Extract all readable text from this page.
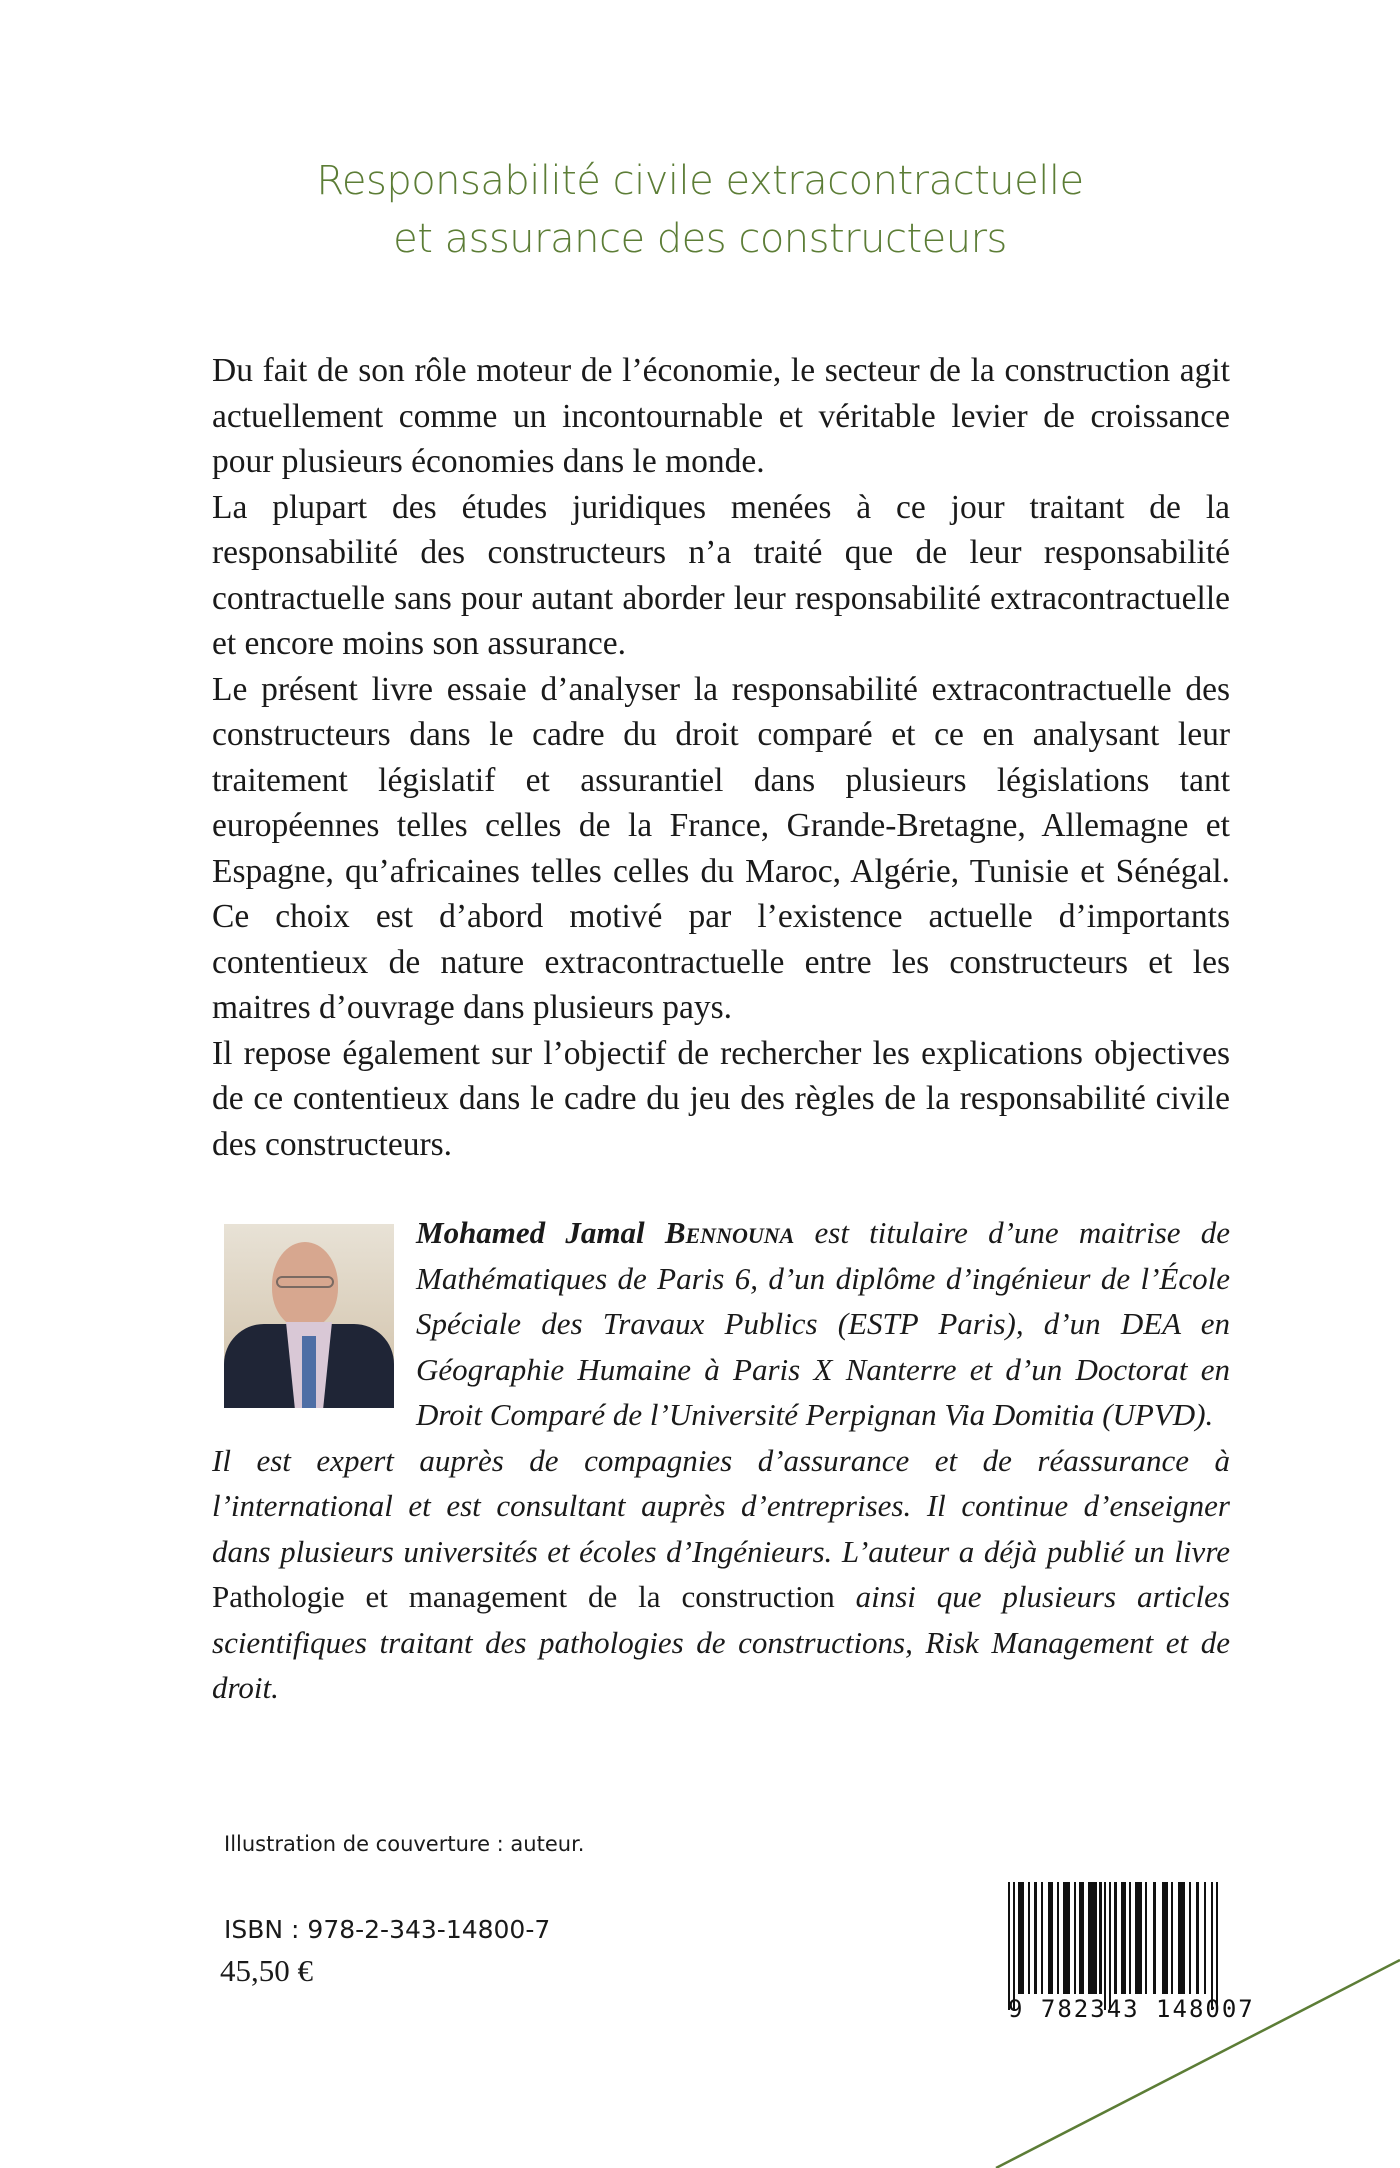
Responsabilité civile extracontractuelle
et assurance des constructeurs

Du fait de son rôle moteur de l’économie, le secteur de la construction agit actuellement comme un incontournable et véritable levier de croissance pour plusieurs économies dans le monde.

La plupart des études juridiques menées à ce jour traitant de la responsabilité des constructeurs n’a traité que de leur responsabilité contractuelle sans pour autant aborder leur responsabilité extracontractuelle et encore moins son assurance.

Le présent livre essaie d’analyser la responsabilité extracontractuelle des constructeurs dans le cadre du droit comparé et ce en analysant leur traitement législatif et assurantiel dans plusieurs législations tant européennes telles celles de la France, Grande-Bretagne, Allemagne et Espagne, qu’africaines telles celles du Maroc, Algérie, Tunisie et Sénégal. Ce choix est d’abord motivé par l’existence actuelle d’importants contentieux de nature extracontractuelle entre les constructeurs et les maitres d’ouvrage dans plusieurs pays.

Il repose également sur l’objectif de rechercher les explications objectives de ce contentieux dans le cadre du jeu des règles de la responsabilité civile des constructeurs.

Mohamed Jamal Bennouna est titulaire d’une maitrise de Mathématiques de Paris 6, d’un diplôme d’ingénieur de l’École Spéciale des Travaux Publics (ESTP Paris), d’un DEA en Géographie Humaine à Paris X Nanterre et d’un Doctorat en Droit Comparé de l’Université Perpignan Via Domitia (UPVD).

Il est expert auprès de compagnies d’assurance et de réassurance à l’international et est consultant auprès d’entreprises. Il continue d’enseigner dans plusieurs universités et écoles d’Ingénieurs. L’auteur a déjà publié un livre Pathologie et management de la construction ainsi que plusieurs articles scientifiques traitant des pathologies de constructions, Risk Management et de droit.

Illustration de couverture : auteur.
ISBN : 978-2-343-14800-7
45,50 €
9 782343 148007
